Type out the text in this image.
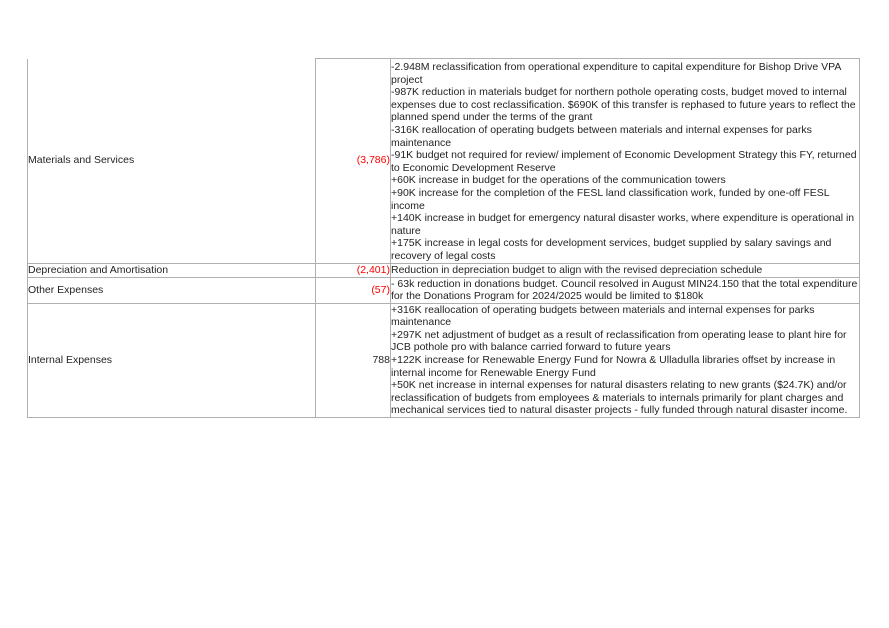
Materials and Services	(3,786)	
-2.948M reclassification from operational expenditure to capital expenditure for Bishop Drive VPA project
-987K reduction in materials budget for northern pothole operating costs, budget moved to internal expenses due to cost reclassification. $690K of this transfer is rephased to future years to reflect the planned spend under the terms of the grant
-316K reallocation of operating budgets between materials and internal expenses for parks maintenance
-91K budget not required for review/ implement of Economic Development Strategy this FY, returned to Economic Development Reserve
+60K increase in budget for the operations of the communication towers
+90K increase for the completion of the FESL land classification work, funded by one-off FESL income
+140K increase in budget for emergency natural disaster works, where expenditure is operational in nature
+175K increase in legal costs for development services, budget supplied by salary savings and recovery of legal costs

Depreciation and Amortisation	(2,401)	Reduction in depreciation budget to align with the revised depreciation schedule

Other Expenses	(57)	- 63k reduction in donations budget. Council resolved in August MIN24.150 that the total expenditure for the Donations Program for 2024/2025 would be limited to $180k

Internal Expenses	788	+316K reallocation of operating budgets between materials and internal expenses for parks maintenance
+297K net adjustment of budget as a result of reclassification from operating lease to plant hire for JCB pothole pro with balance carried forward to future years
+122K increase for Renewable Energy Fund for Nowra & Ulladulla libraries offset by increase in internal income for Renewable Energy Fund
+50K net increase in internal expenses for natural disasters relating to new grants ($24.7K) and/or reclassification of budgets from employees & materials to internals primarily for plant charges and mechanical services tied to natural disaster projects - fully funded through natural disaster income.
